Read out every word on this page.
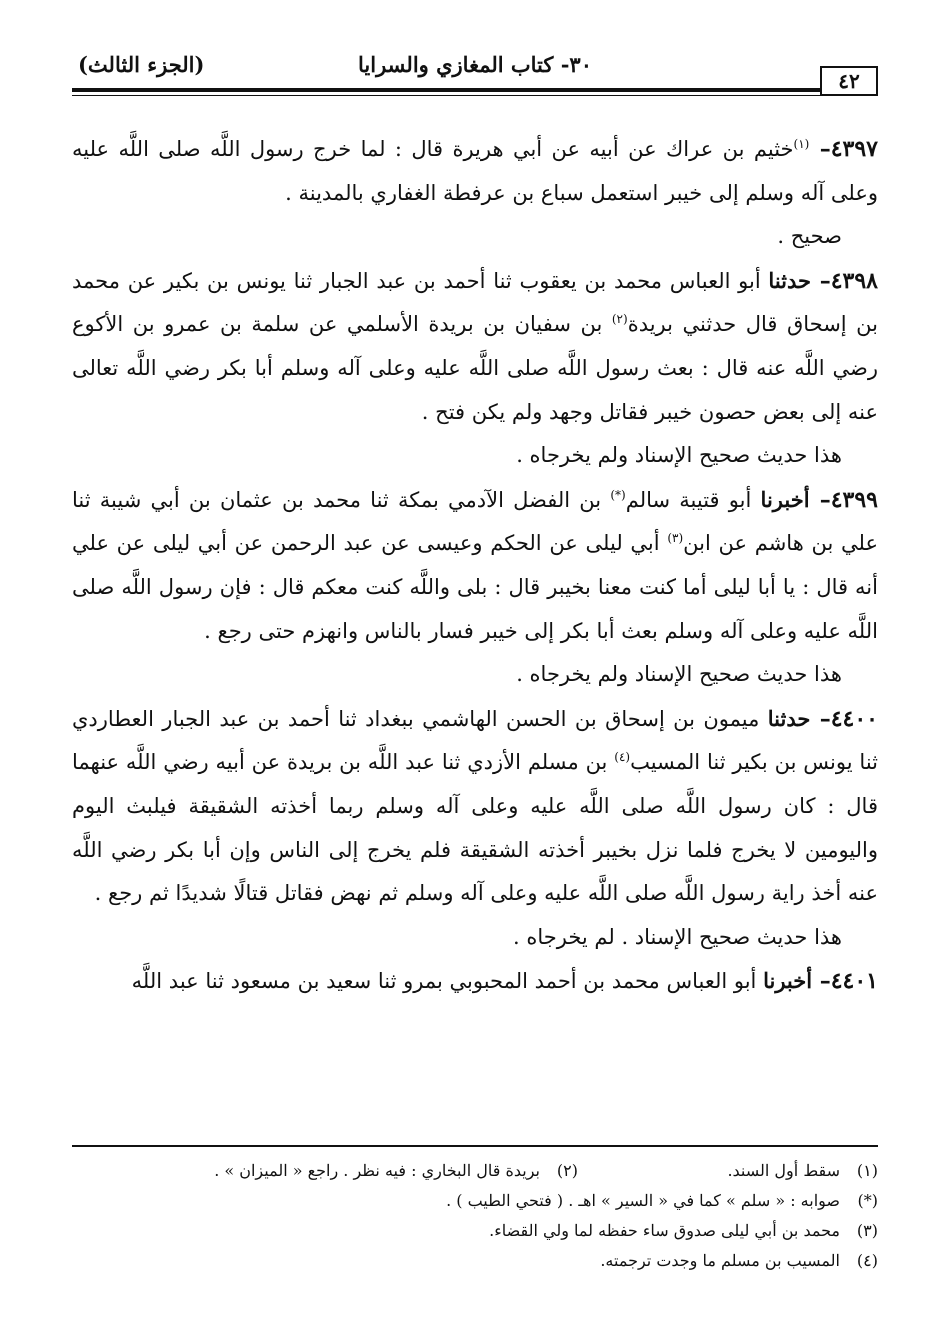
٤٢
٣٠- كتاب المغازي والسرايا
(الجزء الثالث)

٤٣٩٧– $^{(١)}$خثيم بن عراك عن أبيه عن أبي هريرة قال : لما خرج رسول اللَّه صلى اللَّه عليه وعلى آله وسلم إلى خيبر استعمل سباع بن عرفطة الغفاري بالمدينة .

صحيح .

٤٣٩٨– حدثنا أبو العباس محمد بن يعقوب ثنا أحمد بن عبد الجبار ثنا يونس بن بكير عن محمد بن إسحاق قال حدثني بريدة$^{(٢)}$ بن سفيان بن بريدة الأسلمي عن سلمة بن عمرو بن الأكوع رضي اللَّه عنه قال : بعث رسول اللَّه صلى اللَّه عليه وعلى آله وسلم أبا بكر رضي اللَّه تعالى عنه إلى بعض حصون خيبر فقاتل وجهد ولم يكن فتح .

هذا حديث صحيح الإسناد ولم يخرجاه .

٤٣٩٩– أخبرنا أبو قتيبة سالم(*) بن الفضل الآدمي بمكة ثنا محمد بن عثمان بن أبي شيبة ثنا علي بن هاشم عن ابن$^{(٣)}$ أبي ليلى عن الحكم وعيسى عن عبد الرحمن عن أبي ليلى عن علي أنه قال : يا أبا ليلى أما كنت معنا بخيبر قال : بلى واللَّه كنت معكم قال : فإن رسول اللَّه صلى اللَّه عليه وعلى آله وسلم بعث أبا بكر إلى خيبر فسار بالناس وانهزم حتى رجع .

هذا حديث صحيح الإسناد ولم يخرجاه .

٤٤٠٠– حدثنا ميمون بن إسحاق بن الحسن الهاشمي ببغداد ثنا أحمد بن عبد الجبار العطاردي ثنا يونس بن بكير ثنا المسيب$^{(٤)}$ بن مسلم الأزدي ثنا عبد اللَّه بن بريدة عن أبيه رضي اللَّه عنهما قال : كان رسول اللَّه صلى اللَّه عليه وعلى آله وسلم ربما أخذته الشقيقة فيلبث اليوم واليومين لا يخرج فلما نزل بخيبر أخذته الشقيقة فلم يخرج إلى الناس وإن أبا بكر رضي اللَّه عنه أخذ راية رسول اللَّه صلى اللَّه عليه وعلى آله وسلم ثم نهض فقاتل قتالًا شديدًا ثم رجع .

هذا حديث صحيح الإسناد . لم يخرجاه .

٤٤٠١– أخبرنا أبو العباس محمد بن أحمد المحبوبي بمرو ثنا سعيد بن مسعود ثنا عبد اللَّه

(١)سقط أول السند.
(٢)بريدة قال البخاري : فيه نظر . راجع « الميزان » .
(*)
صوابه : « سلم » كما في « السير » اهـ . ( فتحي الطيب ) .
(٣)
محمد بن أبي ليلى صدوق ساء حفظه لما ولي القضاء.
(٤)
المسيب بن مسلم ما وجدت ترجمته.
